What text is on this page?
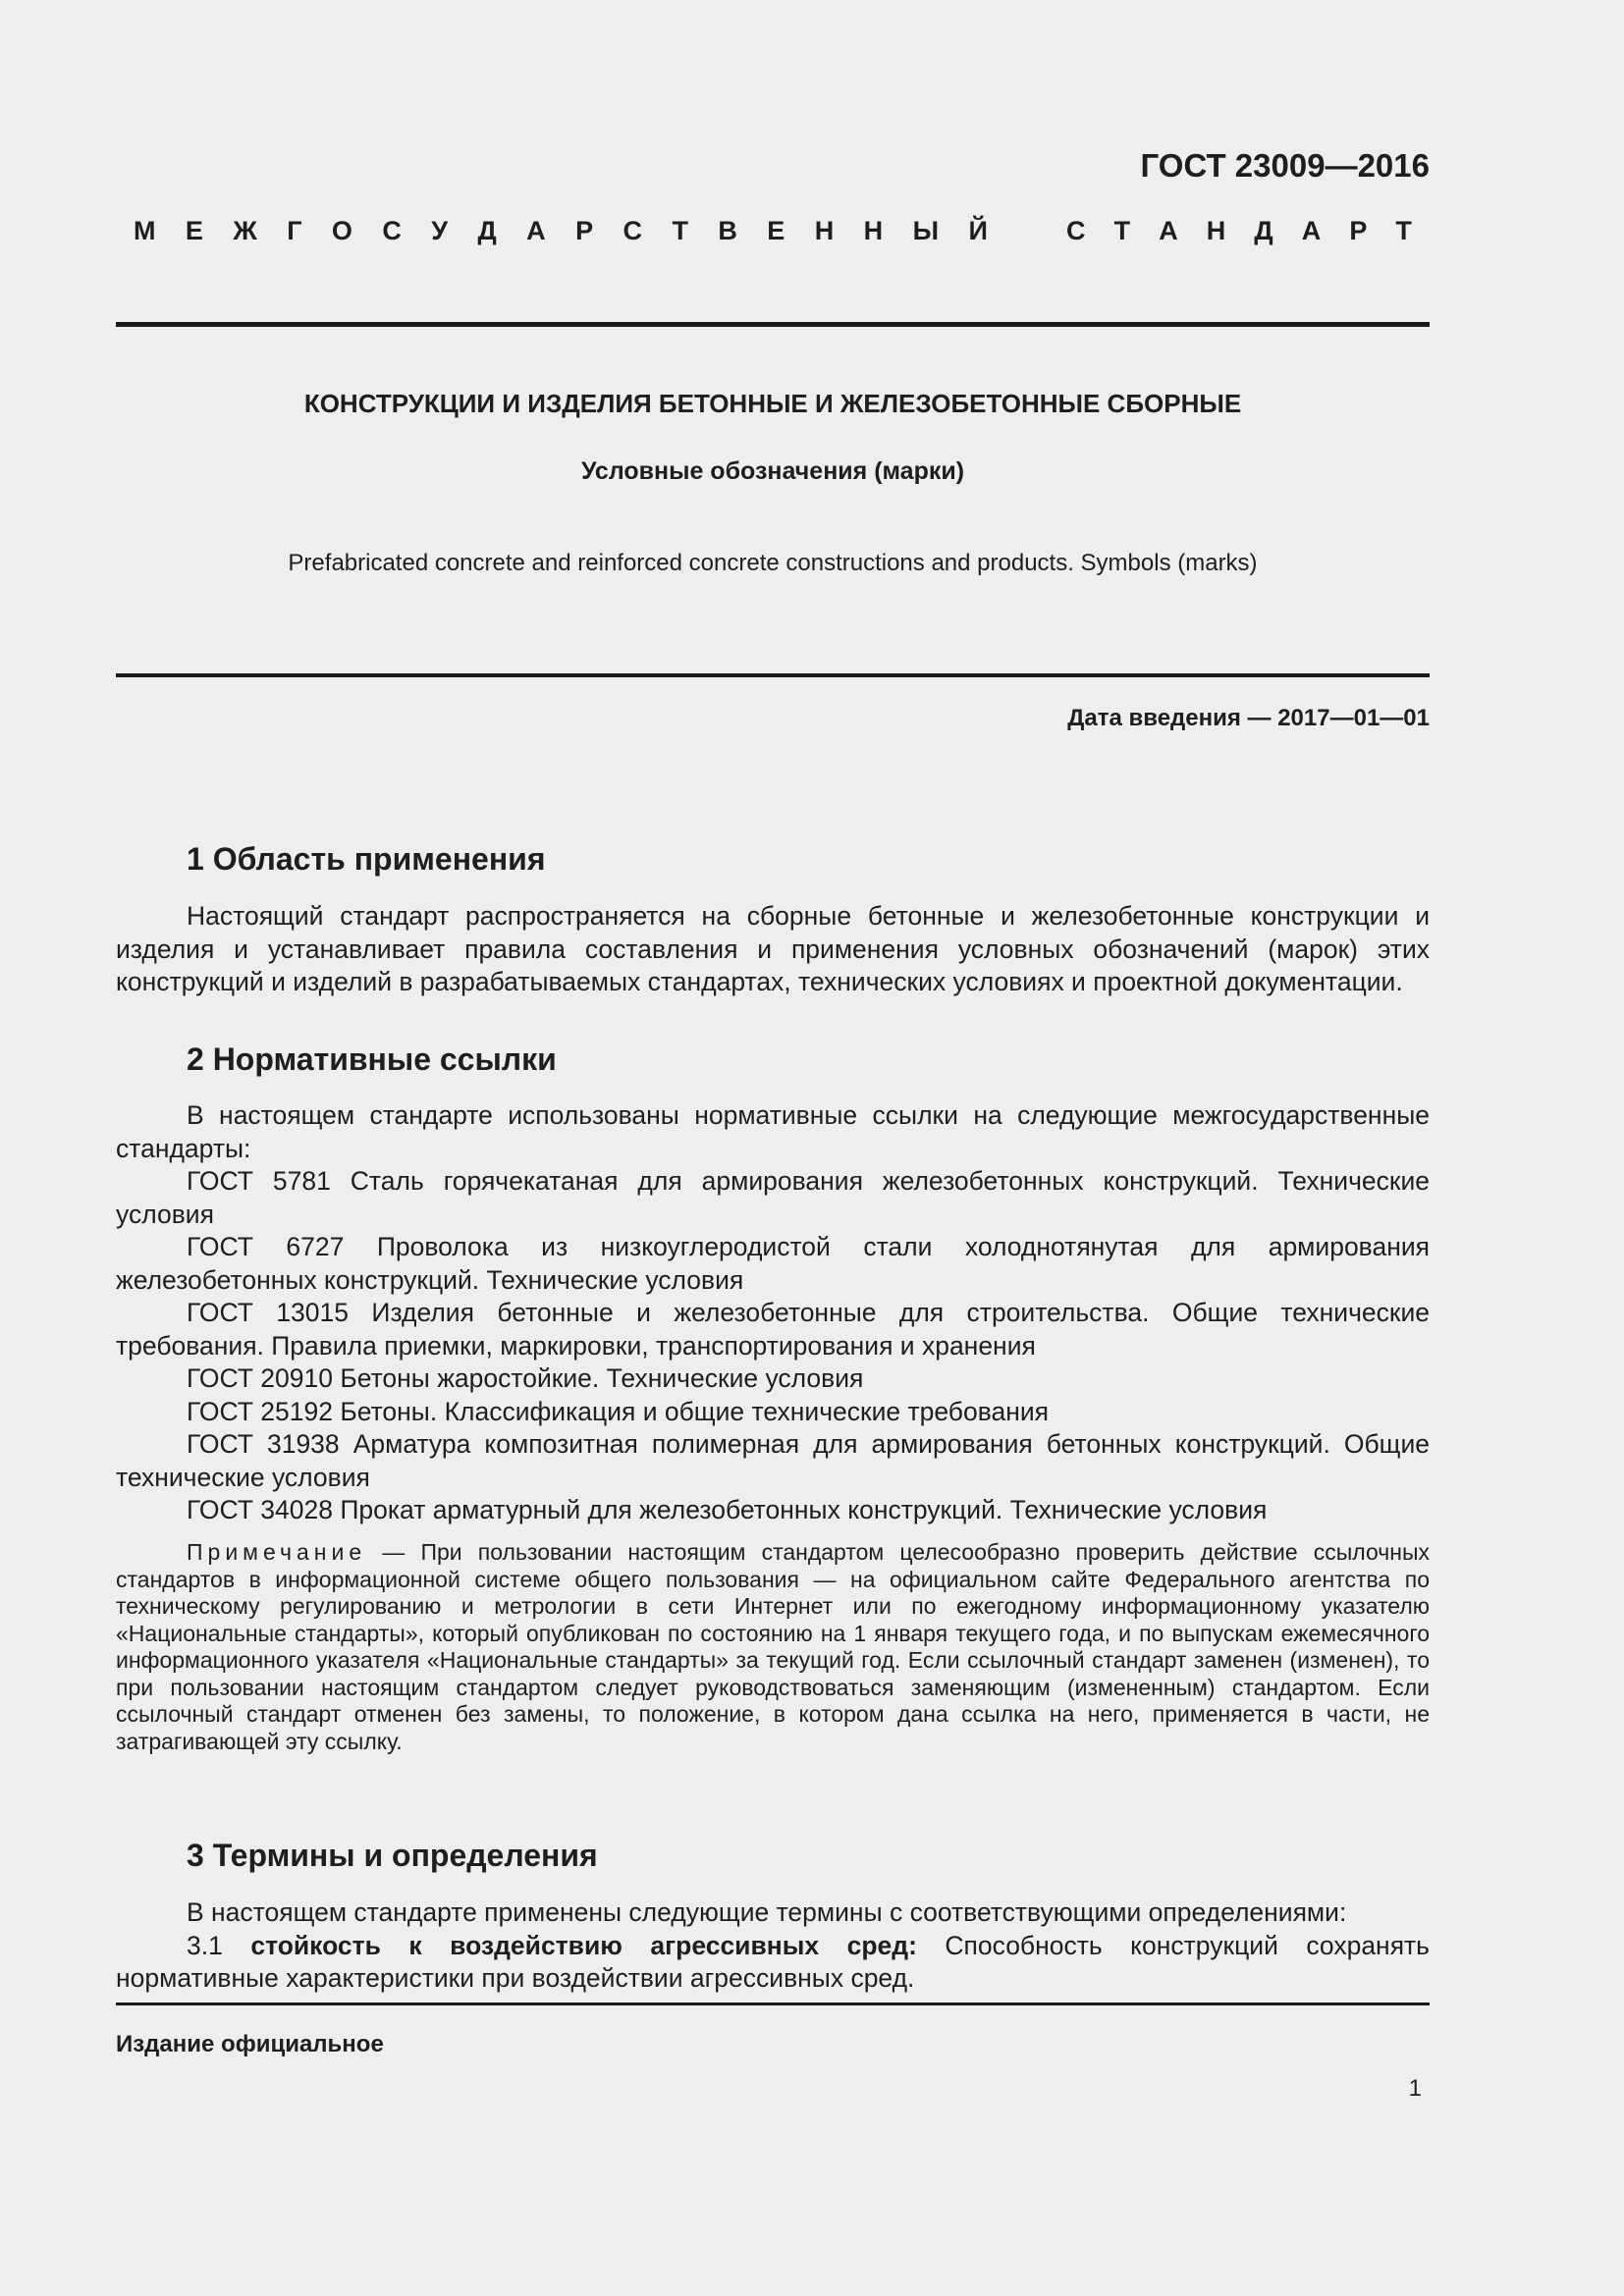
ГОСТ 23009—2016
М Е Ж Г О С У Д А Р С Т В Е Н Н Ы Й	С Т А Н Д А Р Т
КОНСТРУКЦИИ И ИЗДЕЛИЯ БЕТОННЫЕ И ЖЕЛЕЗОБЕТОННЫЕ СБОРНЫЕ
Условные обозначения (марки)
Prefabricated concrete and reinforced concrete constructions and products. Symbols (marks)
Дата введения — 2017—01—01
1 Область применения

Настоящий стандарт распространяется на сборные бетонные и железобетонные конструкции и изделия и устанавливает правила составления и применения условных обозначений (марок) этих конструкций и изделий в разрабатываемых стандартах, технических условиях и проектной документации.

2 Нормативные ссылки

В настоящем стандарте использованы нормативные ссылки на следующие межгосударственные стандарты:

ГОСТ 5781 Сталь горячекатаная для армирования железобетонных конструкций. Технические условия

ГОСТ 6727 Проволока из низкоуглеродистой стали холоднотянутая для армирования железобетонных конструкций. Технические условия

ГОСТ 13015 Изделия бетонные и железобетонные для строительства. Общие технические требования. Правила приемки, маркировки, транспортирования и хранения

ГОСТ 20910 Бетоны жаростойкие. Технические условия

ГОСТ 25192 Бетоны. Классификация и общие технические требования

ГОСТ 31938 Арматура композитная полимерная для армирования бетонных конструкций. Общие технические условия

ГОСТ 34028 Прокат арматурный для железобетонных конструкций. Технические условия

Примечание — При пользовании настоящим стандартом целесообразно проверить действие ссылочных стандартов в информационной системе общего пользования — на официальном сайте Федерального агентства по техническому регулированию и метрологии в сети Интернет или по ежегодному информационному указателю «Национальные стандарты», который опубликован по состоянию на 1 января текущего года, и по выпускам ежемесячного информационного указателя «Национальные стандарты» за текущий год. Если ссылочный стандарт заменен (изменен), то при пользовании настоящим стандартом следует руководствоваться заменяющим (измененным) стандартом. Если ссылочный стандарт отменен без замены, то положение, в котором дана ссылка на него, применяется в части, не затрагивающей эту ссылку.

3 Термины и определения

В настоящем стандарте применены следующие термины с соответствующими определениями:

3.1 стойкость к воздействию агрессивных сред: Способность конструкций сохранять нормативные характеристики при воздействии агрессивных сред.

Издание официальное
1
